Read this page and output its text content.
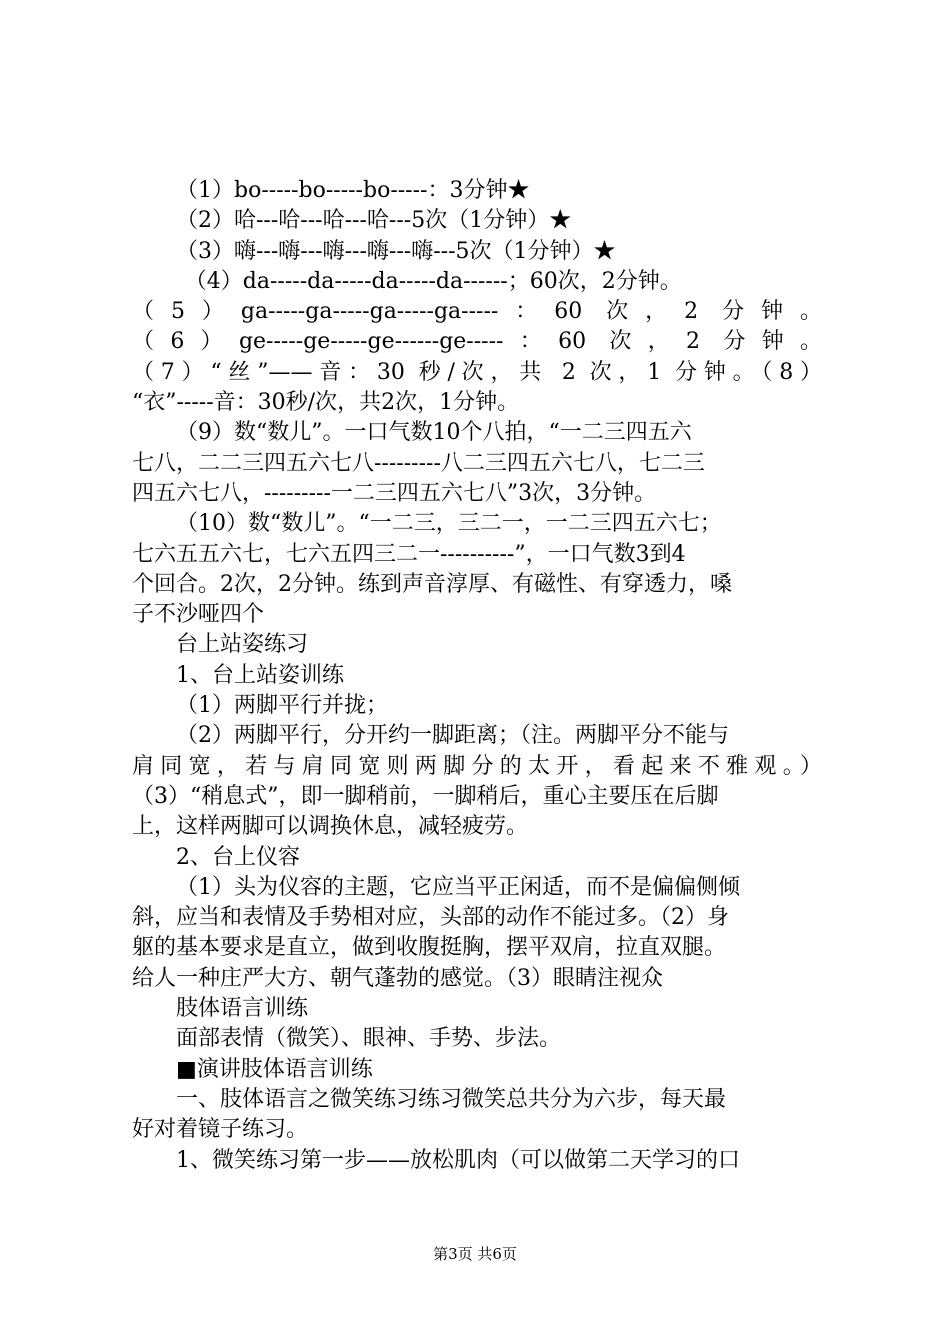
（1）bo-----bo-----bo-----：3分钟★
（2）哈---哈---哈---哈---5次（1分钟）★
（3）嗨---嗨---嗨---嗨---嗨---5次（1分钟）★
（4）da-----da-----da-----da------；60次，2分钟。
（5）ga-----ga-----ga-----ga-----：60 次，2 分钟。
（6）ge-----ge-----ge------ge-----：60 次，2 分钟。
（7）“丝”——音：30 秒/次，共 2 次，1 分钟。（8）
“衣”-----音：30秒/次，共2次，1分钟。
（9）数“数儿”。一口气数10个八拍，“一二三四五六
七八，二二三四五六七八---------八二三四五六七八，七二三
四五六七八，---------一二三四五六七八”3次，3分钟。
（10）数“数儿”。“一二三，三二一，一二三四五六七；
七六五五六七，七六五四三二一----------”，一口气数3到4
个回合。2次，2分钟。练到声音淳厚、有磁性、有穿透力，嗓
子不沙哑四个
台上站姿练习
1、台上站姿训练
（1）两脚平行并拢；
（2）两脚平行，分开约一脚距离；（注。两脚平分不能与
肩同宽，若与肩同宽则两脚分的太开，看起来不雅观。）
（3）“稍息式”，即一脚稍前，一脚稍后，重心主要压在后脚
上，这样两脚可以调换休息，减轻疲劳。
2、台上仪容
（1）头为仪容的主题，它应当平正闲适，而不是偏偏侧倾
斜，应当和表情及手势相对应，头部的动作不能过多。（2）身
躯的基本要求是直立，做到收腹挺胸，摆平双肩，拉直双腿。
给人一种庄严大方、朝气蓬勃的感觉。（3）眼睛注视众
肢体语言训练
面部表情（微笑）、眼神、手势、步法。
■演讲肢体语言训练
一、肢体语言之微笑练习练习微笑总共分为六步，每天最
好对着镜子练习。
1、微笑练习第一步——放松肌肉（可以做第二天学习的口
第3页 共6页
